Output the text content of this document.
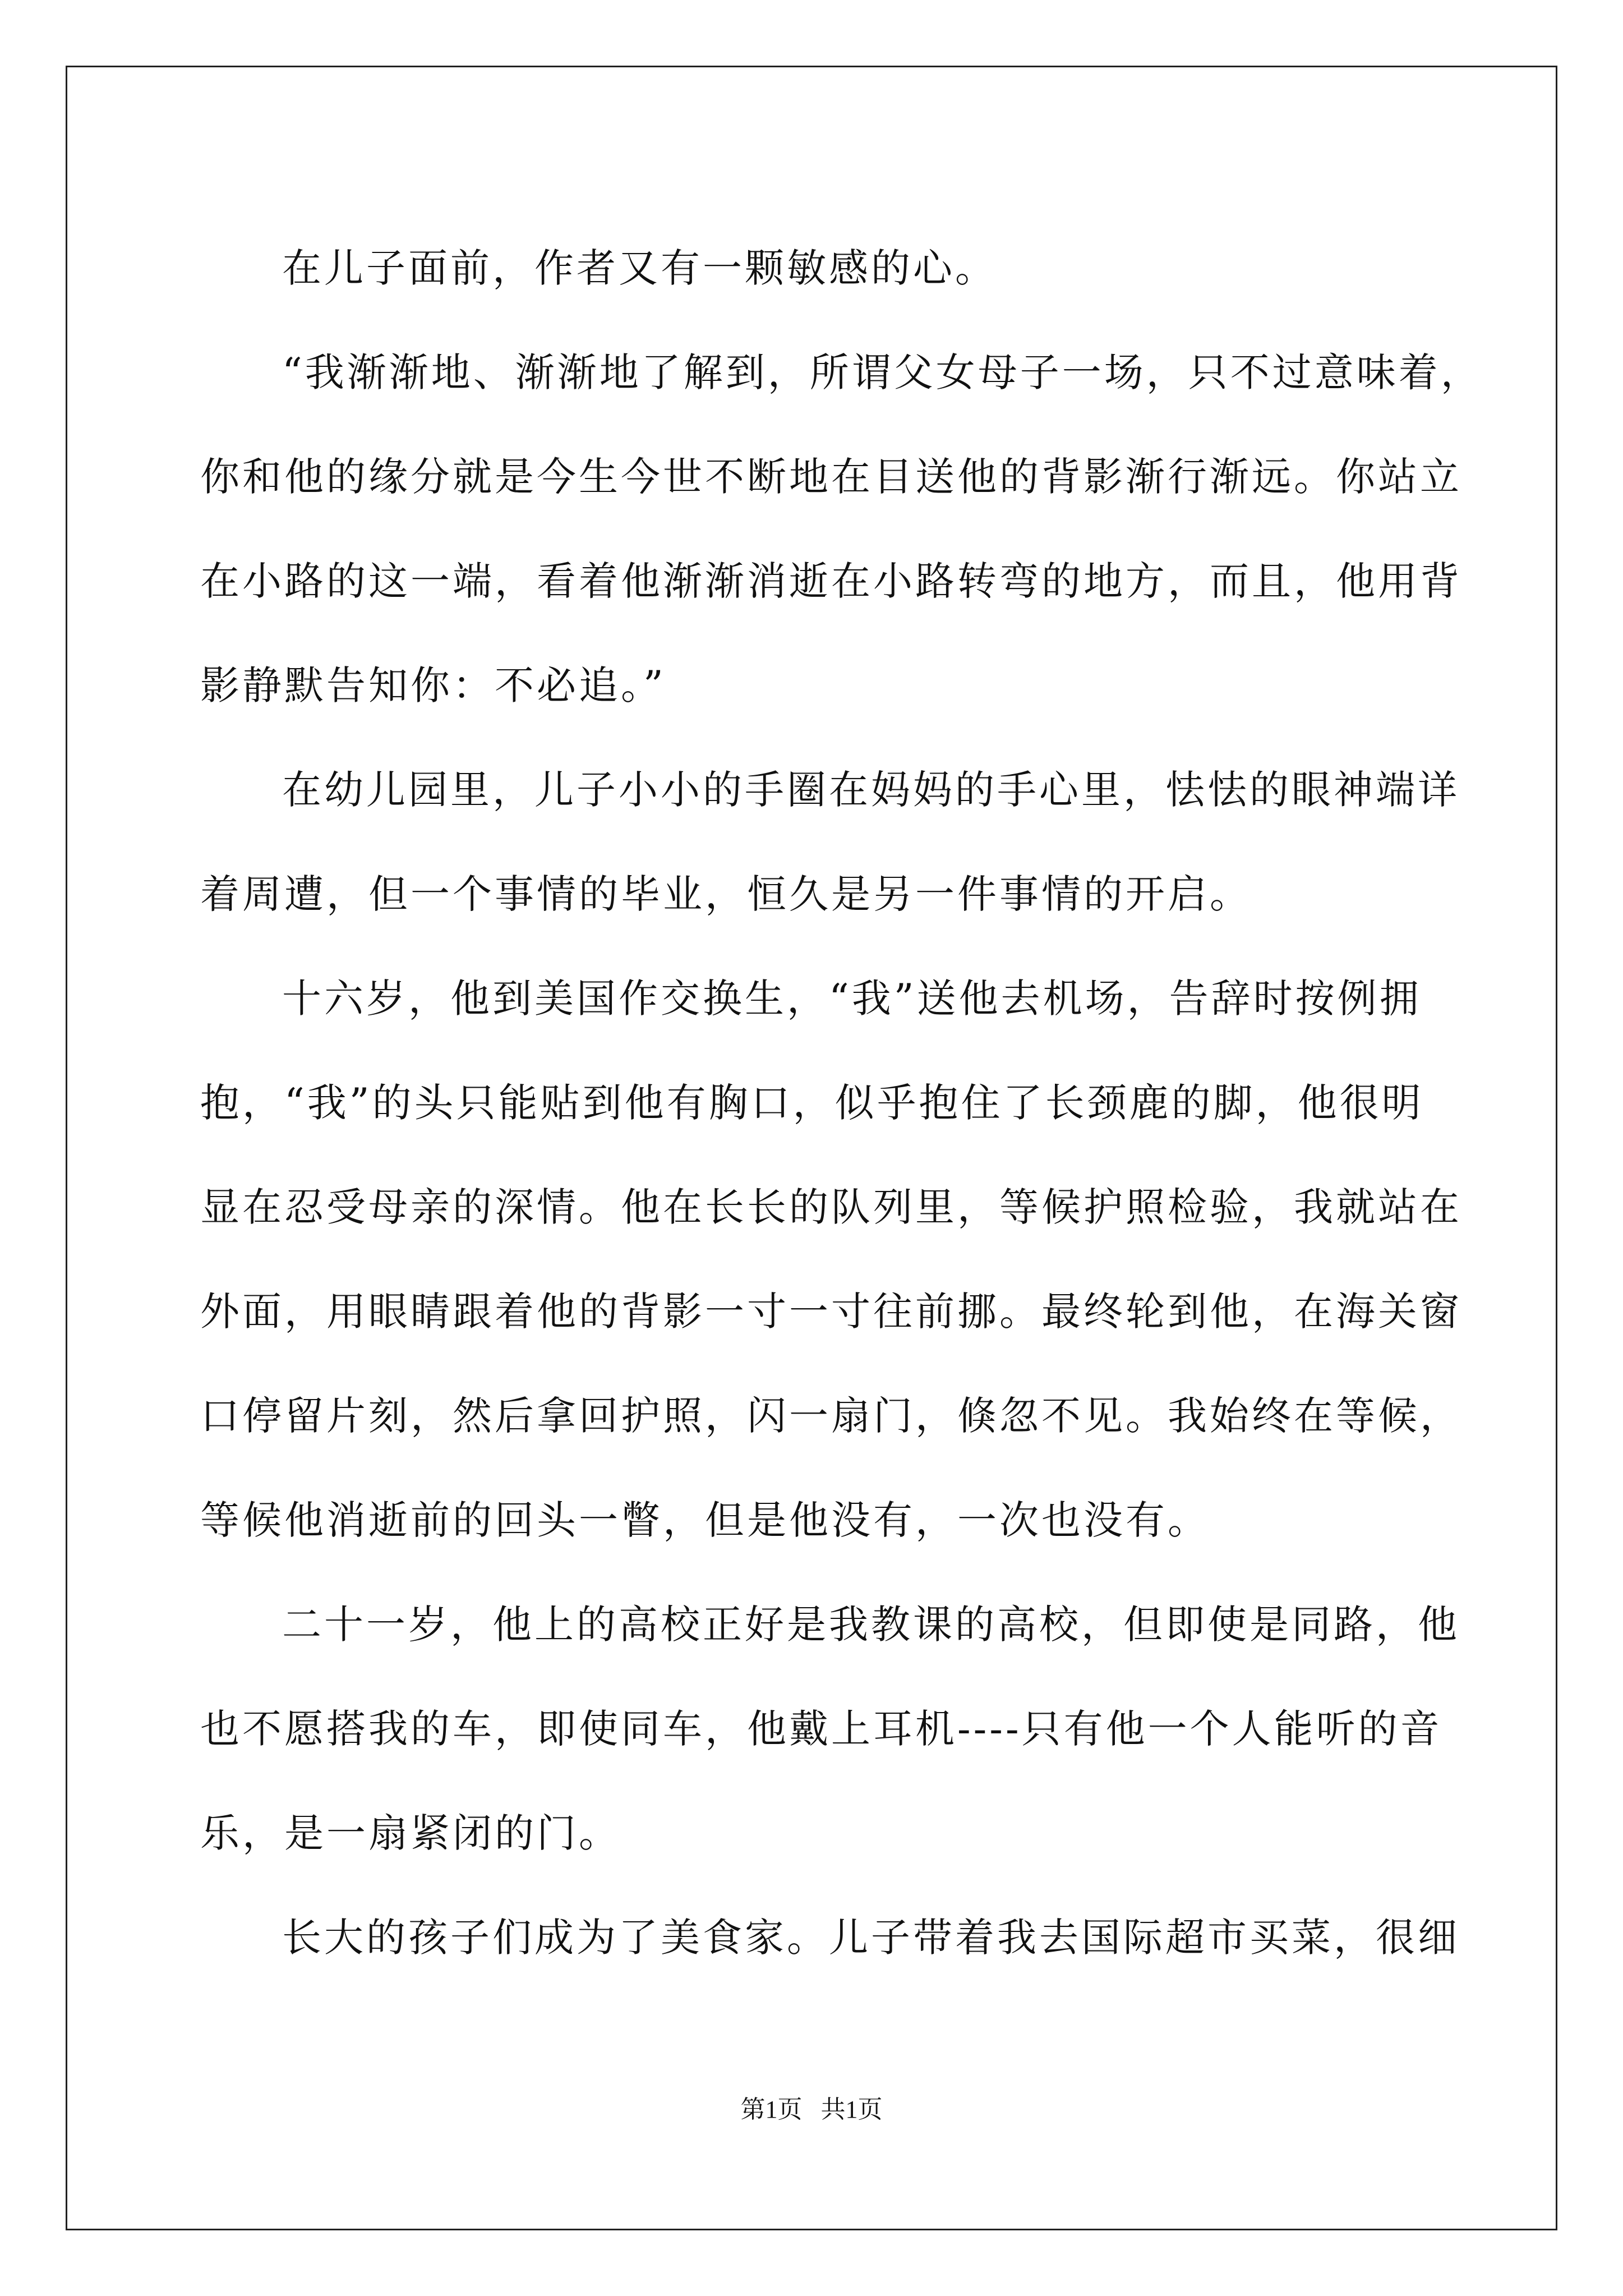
在儿子面前，作者又有一颗敏感的心。
“我渐渐地、渐渐地了解到，所谓父女母子一场，只不过意味着，
你和他的缘分就是今生今世不断地在目送他的背影渐行渐远。你站立
在小路的这一端，看着他渐渐消逝在小路转弯的地方，而且，他用背
影静默告知你：不必追。”
在幼儿园里，儿子小小的手圈在妈妈的手心里，怯怯的眼神端详
着周遭，但一个事情的毕业，恒久是另一件事情的开启。
十六岁，他到美国作交换生，“我”送他去机场，告辞时按例拥
抱，“我”的头只能贴到他有胸口，似乎抱住了长颈鹿的脚，他很明
显在忍受母亲的深情。他在长长的队列里，等候护照检验，我就站在
外面，用眼睛跟着他的背影一寸一寸往前挪。最终轮到他，在海关窗
口停留片刻，然后拿回护照，闪一扇门，倏忽不见。我始终在等候，
等候他消逝前的回头一瞥，但是他没有，一次也没有。
二十一岁，他上的高校正好是我教课的高校，但即使是同路，他
也不愿搭我的车，即使同车，他戴上耳机----只有他一个人能听的音
乐，是一扇紧闭的门。
长大的孩子们成为了美食家。儿子带着我去国际超市买菜，很细
第1页   共1页
